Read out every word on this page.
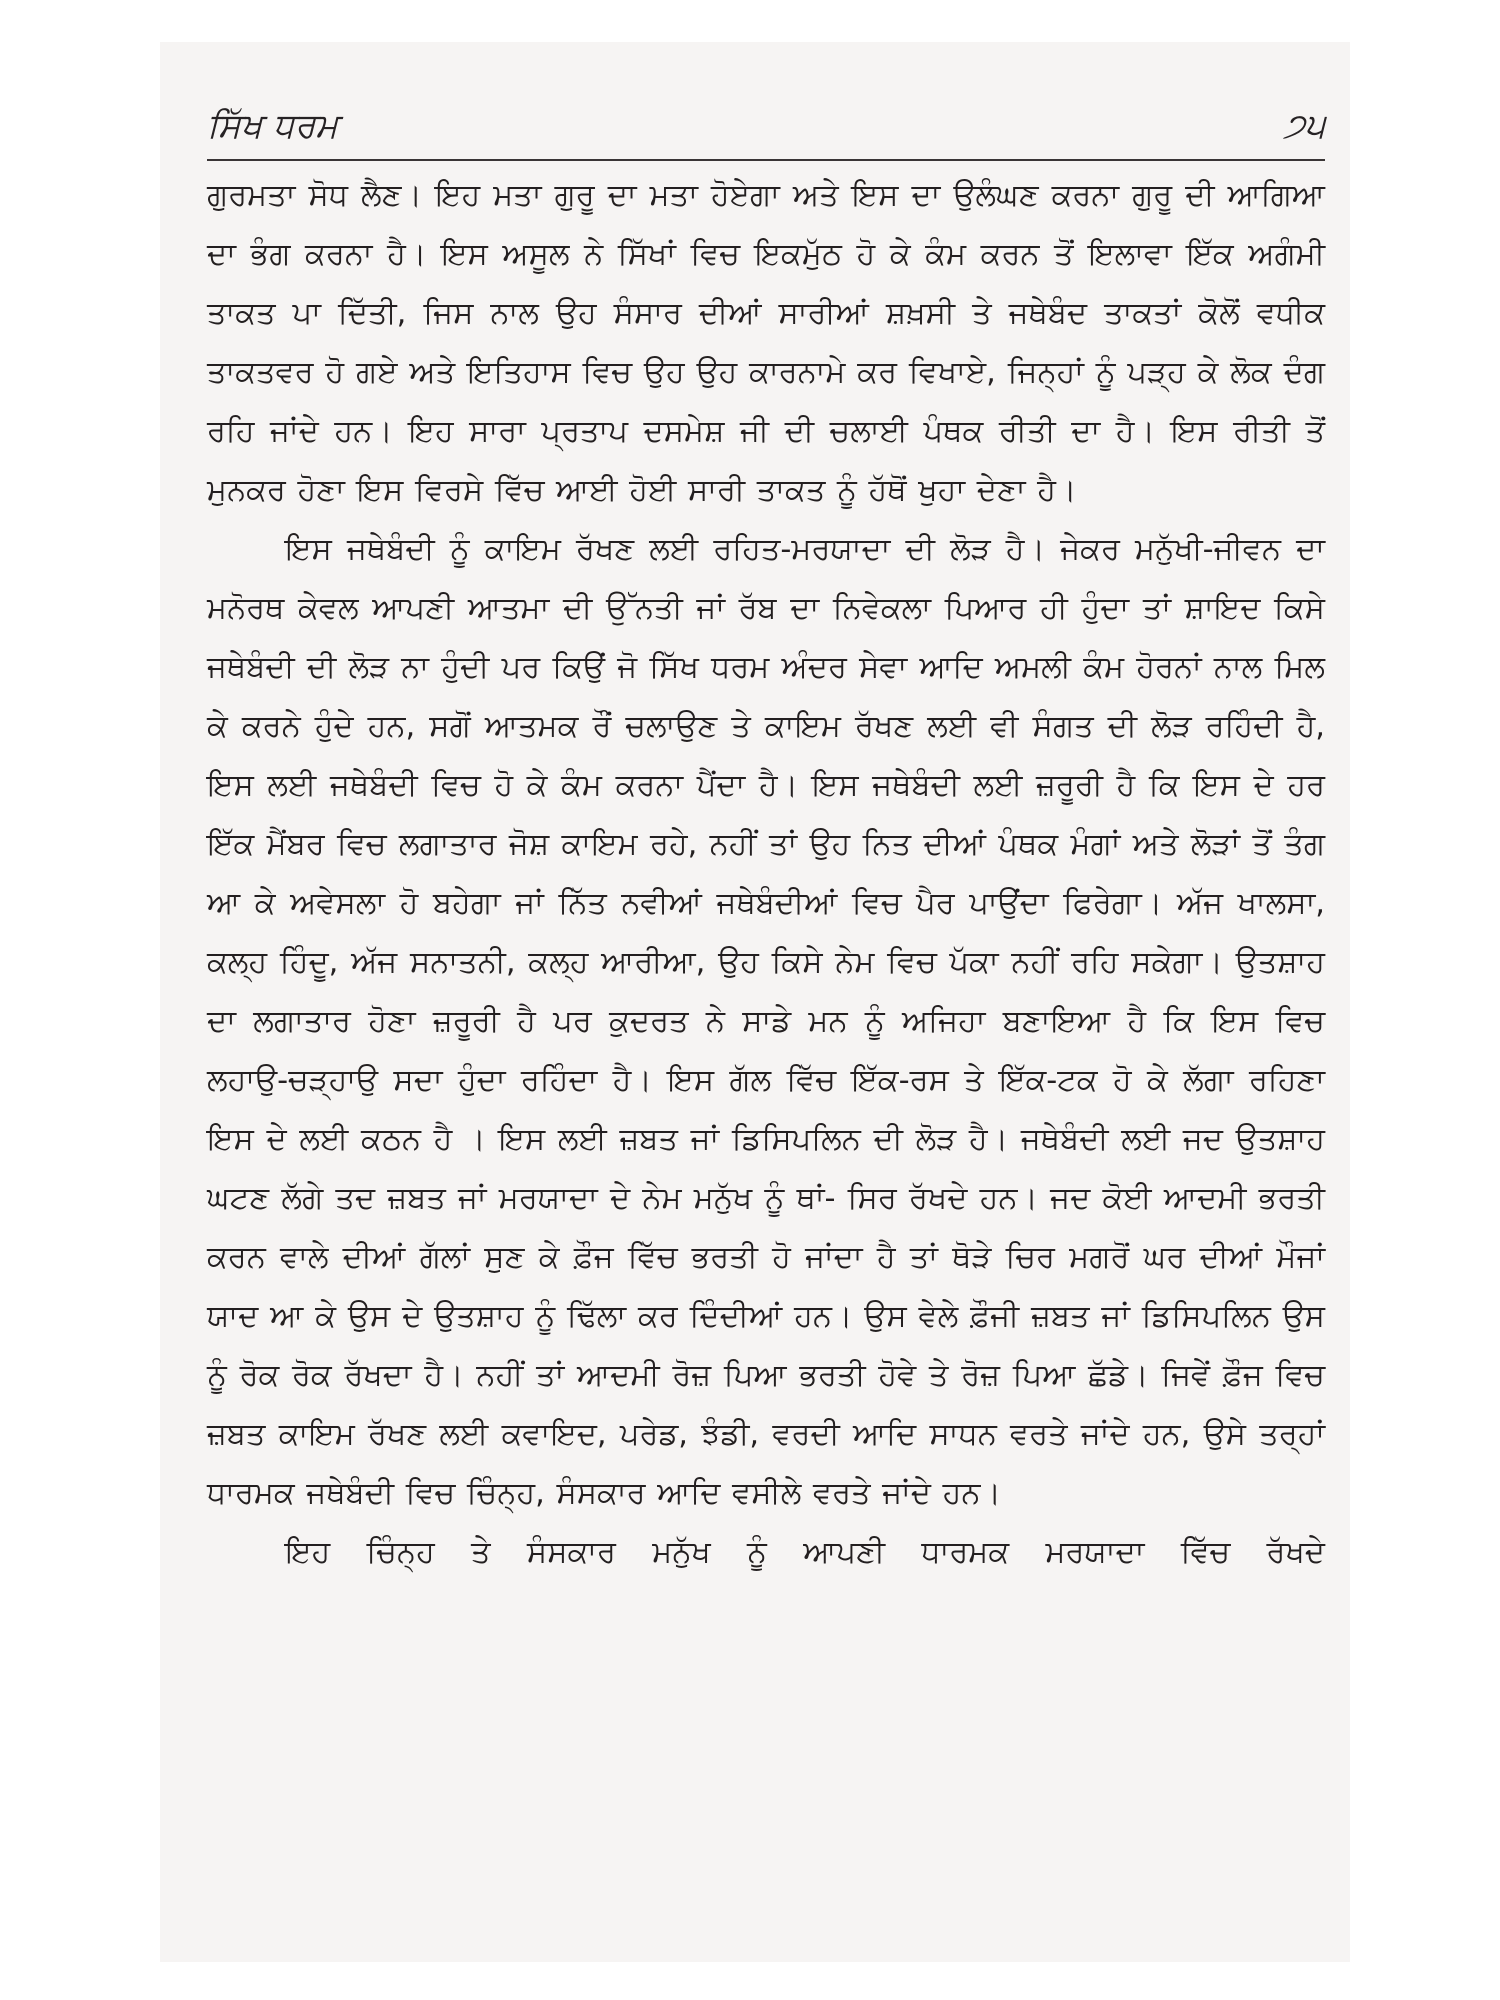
ਸਿੱਖ ਧਰਮ	੭੫

ਗੁਰਮਤਾ ਸੋਧ ਲੈਣ। ਇਹ ਮਤਾ ਗੁਰੂ ਦਾ ਮਤਾ ਹੋਏਗਾ ਅਤੇ ਇਸ ਦਾ ਉਲੰਘਣ ਕਰਨਾ ਗੁਰੂ ਦੀ ਆਗਿਆ ਦਾ ਭੰਗ ਕਰਨਾ ਹੈ। ਇਸ ਅਸੂਲ ਨੇ ਸਿੱਖਾਂ ਵਿਚ ਇਕਮੁੱਠ ਹੋ ਕੇ ਕੰਮ ਕਰਨ ਤੋਂ ਇਲਾਵਾ ਇੱਕ ਅਗੰਮੀ ਤਾਕਤ ਪਾ ਦਿੱਤੀ, ਜਿਸ ਨਾਲ ਉਹ ਸੰਸਾਰ ਦੀਆਂ ਸਾਰੀਆਂ ਸ਼ਖ਼ਸੀ ਤੇ ਜਥੇਬੰਦ ਤਾਕਤਾਂ ਕੋਲੋਂ ਵਧੀਕ ਤਾਕਤਵਰ ਹੋ ਗਏ ਅਤੇ ਇਤਿਹਾਸ ਵਿਚ ਉਹ ਉਹ ਕਾਰਨਾਮੇ ਕਰ ਵਿਖਾਏ, ਜਿਨ੍ਹਾਂ ਨੂੰ ਪੜ੍ਹ ਕੇ ਲੋਕ ਦੰਗ ਰਹਿ ਜਾਂਦੇ ਹਨ। ਇਹ ਸਾਰਾ ਪ੍ਰਤਾਪ ਦਸਮੇਸ਼ ਜੀ ਦੀ ਚਲਾਈ ਪੰਥਕ ਰੀਤੀ ਦਾ ਹੈ। ਇਸ ਰੀਤੀ ਤੋਂ ਮੁਨਕਰ ਹੋਣਾ ਇਸ ਵਿਰਸੇ ਵਿੱਚ ਆਈ ਹੋਈ ਸਾਰੀ ਤਾਕਤ ਨੂੰ ਹੱਥੋਂ ਖੁਹਾ ਦੇਣਾ ਹੈ।

ਇਸ ਜਥੇਬੰਦੀ ਨੂੰ ਕਾਇਮ ਰੱਖਣ ਲਈ ਰਹਿਤ-ਮਰਯਾਦਾ ਦੀ ਲੋੜ ਹੈ। ਜੇਕਰ ਮਨੁੱਖੀ-ਜੀਵਨ ਦਾ ਮਨੋਰਥ ਕੇਵਲ ਆਪਣੀ ਆਤਮਾ ਦੀ ਉੱਨਤੀ ਜਾਂ ਰੱਬ ਦਾ ਨਿਵੇਕਲਾ ਪਿਆਰ ਹੀ ਹੁੰਦਾ ਤਾਂ ਸ਼ਾਇਦ ਕਿਸੇ ਜਥੇਬੰਦੀ ਦੀ ਲੋੜ ਨਾ ਹੁੰਦੀ ਪਰ ਕਿਉਂ ਜੋ ਸਿੱਖ ਧਰਮ ਅੰਦਰ ਸੇਵਾ ਆਦਿ ਅਮਲੀ ਕੰਮ ਹੋਰਨਾਂ ਨਾਲ ਮਿਲ ਕੇ ਕਰਨੇ ਹੁੰਦੇ ਹਨ, ਸਗੋਂ ਆਤਮਕ ਰੌਂ ਚਲਾਉਣ ਤੇ ਕਾਇਮ ਰੱਖਣ ਲਈ ਵੀ ਸੰਗਤ ਦੀ ਲੋੜ ਰਹਿੰਦੀ ਹੈ, ਇਸ ਲਈ ਜਥੇਬੰਦੀ ਵਿਚ ਹੋ ਕੇ ਕੰਮ ਕਰਨਾ ਪੈਂਦਾ ਹੈ। ਇਸ ਜਥੇਬੰਦੀ ਲਈ ਜ਼ਰੂਰੀ ਹੈ ਕਿ ਇਸ ਦੇ ਹਰ ਇੱਕ ਮੈਂਬਰ ਵਿਚ ਲਗਾਤਾਰ ਜੋਸ਼ ਕਾਇਮ ਰਹੇ, ਨਹੀਂ ਤਾਂ ਉਹ ਨਿਤ ਦੀਆਂ ਪੰਥਕ ਮੰਗਾਂ ਅਤੇ ਲੋੜਾਂ ਤੋਂ ਤੰਗ ਆ ਕੇ ਅਵੇਸਲਾ ਹੋ ਬਹੇਗਾ ਜਾਂ ਨਿੱਤ ਨਵੀਆਂ ਜਥੇਬੰਦੀਆਂ ਵਿਚ ਪੈਰ ਪਾਉਂਦਾ ਫਿਰੇਗਾ। ਅੱਜ ਖਾਲਸਾ, ਕਲ੍ਹ ਹਿੰਦੂ, ਅੱਜ ਸਨਾਤਨੀ, ਕਲ੍ਹ ਆਰੀਆ, ਉਹ ਕਿਸੇ ਨੇਮ ਵਿਚ ਪੱਕਾ ਨਹੀਂ ਰਹਿ ਸਕੇਗਾ। ਉਤਸ਼ਾਹ ਦਾ ਲਗਾਤਾਰ ਹੋਣਾ ਜ਼ਰੂਰੀ ਹੈ ਪਰ ਕੁਦਰਤ ਨੇ ਸਾਡੇ ਮਨ ਨੂੰ ਅਜਿਹਾ ਬਣਾਇਆ ਹੈ ਕਿ ਇਸ ਵਿਚ ਲਹਾਉ-ਚੜ੍ਹਾਉ ਸਦਾ ਹੁੰਦਾ ਰਹਿੰਦਾ ਹੈ। ਇਸ ਗੱਲ ਵਿੱਚ ਇੱਕ-ਰਸ ਤੇ ਇੱਕ-ਟਕ ਹੋ ਕੇ ਲੱਗਾ ਰਹਿਣਾ ਇਸ ਦੇ ਲਈ ਕਠਨ ਹੈ । ਇਸ ਲਈ ਜ਼ਬਤ ਜਾਂ ਡਿਸਿਪਲਿਨ ਦੀ ਲੋੜ ਹੈ। ਜਥੇਬੰਦੀ ਲਈ ਜਦ ਉਤਸ਼ਾਹ ਘਟਣ ਲੱਗੇ ਤਦ ਜ਼ਬਤ ਜਾਂ ਮਰਯਾਦਾ ਦੇ ਨੇਮ ਮਨੁੱਖ ਨੂੰ ਥਾਂ- ਸਿਰ ਰੱਖਦੇ ਹਨ। ਜਦ ਕੋਈ ਆਦਮੀ ਭਰਤੀ ਕਰਨ ਵਾਲੇ ਦੀਆਂ ਗੱਲਾਂ ਸੁਣ ਕੇ ਫ਼ੌਜ ਵਿੱਚ ਭਰਤੀ ਹੋ ਜਾਂਦਾ ਹੈ ਤਾਂ ਥੋੜੇ ਚਿਰ ਮਗਰੋਂ ਘਰ ਦੀਆਂ ਮੌਜਾਂ ਯਾਦ ਆ ਕੇ ਉਸ ਦੇ ਉਤਸ਼ਾਹ ਨੂੰ ਢਿੱਲਾ ਕਰ ਦਿੰਦੀਆਂ ਹਨ। ਉਸ ਵੇਲੇ ਫ਼ੌਜੀ ਜ਼ਬਤ ਜਾਂ ਡਿਸਿਪਲਿਨ ਉਸ ਨੂੰ ਰੋਕ ਰੋਕ ਰੱਖਦਾ ਹੈ। ਨਹੀਂ ਤਾਂ ਆਦਮੀ ਰੋਜ਼ ਪਿਆ ਭਰਤੀ ਹੋਵੇ ਤੇ ਰੋਜ਼ ਪਿਆ ਛੱਡੇ। ਜਿਵੇਂ ਫ਼ੌਜ ਵਿਚ ਜ਼ਬਤ ਕਾਇਮ ਰੱਖਣ ਲਈ ਕਵਾਇਦ, ਪਰੇਡ, ਝੰਡੀ, ਵਰਦੀ ਆਦਿ ਸਾਧਨ ਵਰਤੇ ਜਾਂਦੇ ਹਨ, ਉਸੇ ਤਰ੍ਹਾਂ ਧਾਰਮਕ ਜਥੇਬੰਦੀ ਵਿਚ ਚਿੰਨ੍ਹ, ਸੰਸਕਾਰ ਆਦਿ ਵਸੀਲੇ ਵਰਤੇ ਜਾਂਦੇ ਹਨ।

ਇਹ ਚਿੰਨ੍ਹ ਤੇ ਸੰਸਕਾਰ ਮਨੁੱਖ ਨੂੰ ਆਪਣੀ ਧਾਰਮਕ ਮਰਯਾਦਾ ਵਿੱਚ ਰੱਖਦੇ
